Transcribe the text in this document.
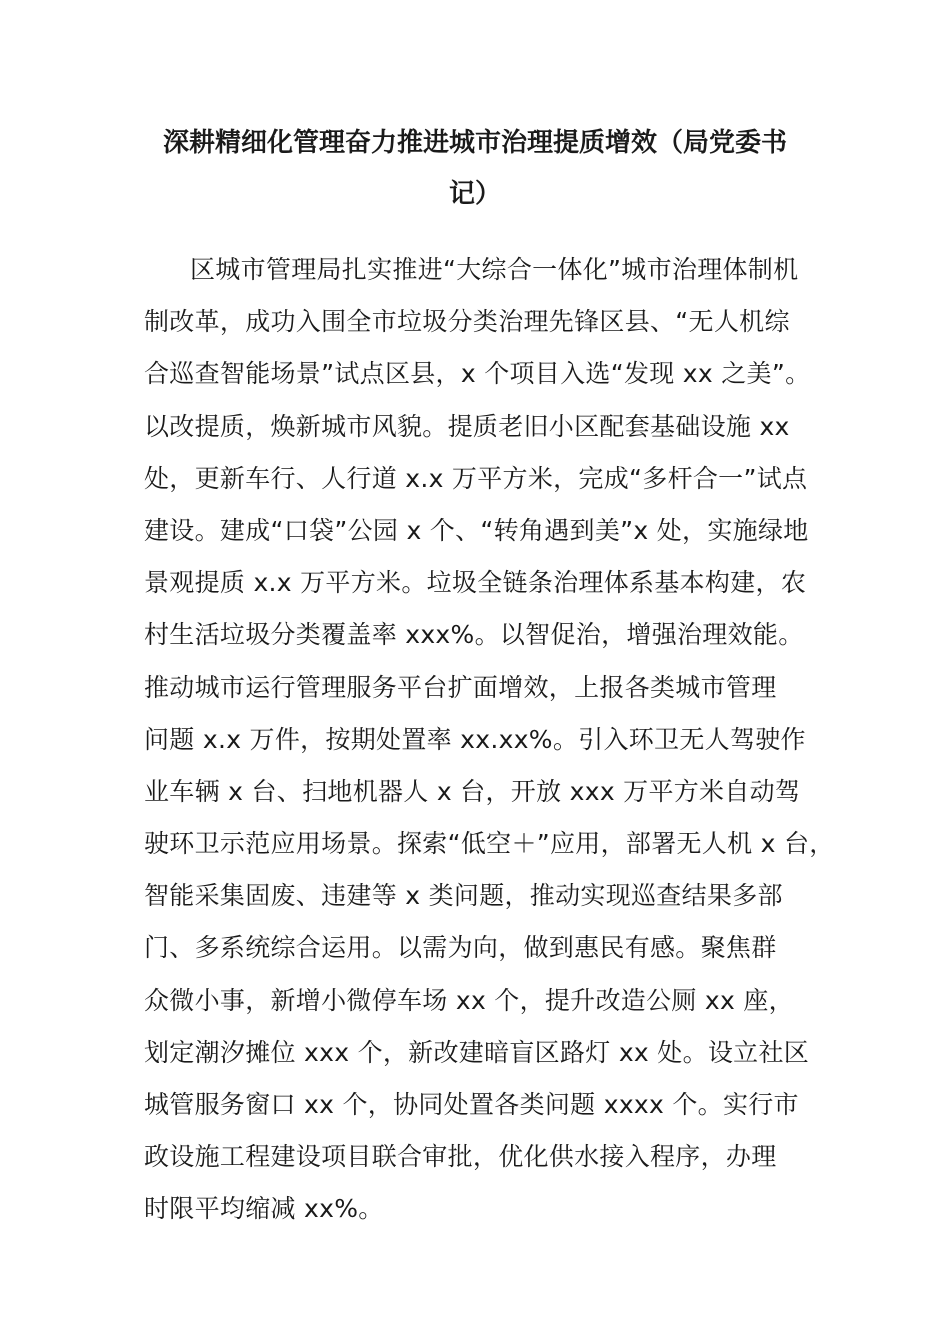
深耕精细化管理奋力推进城市治理提质增效（局党委书
记）
区城市管理局扎实推进“大综合一体化”城市治理体制机
制改革，成功入围全市垃圾分类治理先锋区县、“无人机综
合巡查智能场景”试点区县，x 个项目入选“发现 xx 之美”。
以改提质，焕新城市风貌。提质老旧小区配套基础设施 xx
处，更新车行、人行道 x.x 万平方米，完成“多杆合一”试点
建设。建成“口袋”公园 x 个、“转角遇到美”x 处，实施绿地
景观提质 x.x 万平方米。垃圾全链条治理体系基本构建，农
村生活垃圾分类覆盖率 xxx%。以智促治，增强治理效能。
推动城市运行管理服务平台扩面增效，上报各类城市管理
问题 x.x 万件，按期处置率 xx.xx%。引入环卫无人驾驶作
业车辆 x 台、扫地机器人 x 台，开放 xxx 万平方米自动驾
驶环卫示范应用场景。探索“低空＋”应用，部署无人机 x 台，
智能采集固废、违建等 x 类问题，推动实现巡查结果多部
门、多系统综合运用。以需为向，做到惠民有感。聚焦群
众微小事，新增小微停车场 xx 个，提升改造公厕 xx 座，
划定潮汐摊位 xxx 个，新改建暗盲区路灯 xx 处。设立社区
城管服务窗口 xx 个，协同处置各类问题 xxxx 个。实行市
政设施工程建设项目联合审批，优化供水接入程序，办理
时限平均缩减 xx%。
